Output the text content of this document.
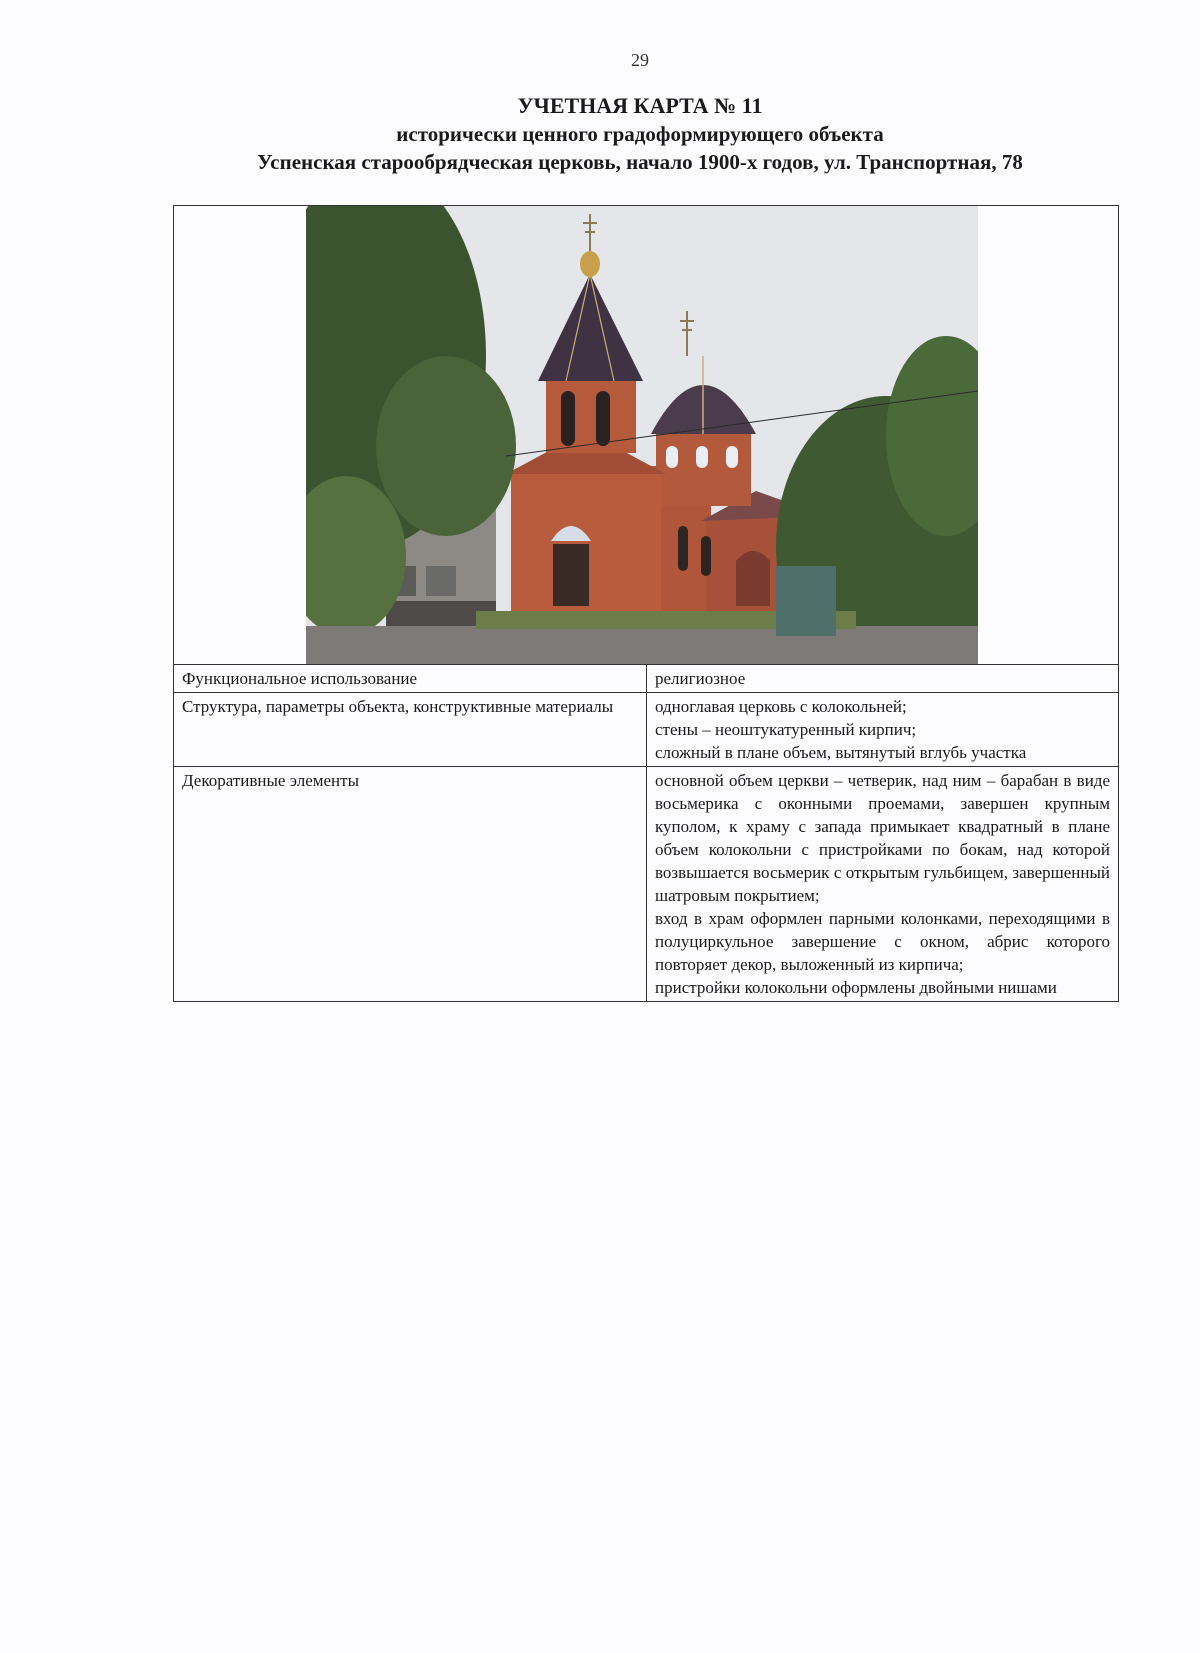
29
УЧЕТНАЯ КАРТА № 11
исторически ценного градоформирующего объекта
Успенская старообрядческая церковь, начало 1900-х годов, ул. Транспортная, 78
Функциональное использование	религиозное

Структура, параметры объекта, конструктивные материалы	одноглавая церковь с колокольней;
стены – неоштукатуренный кирпич;
сложный в плане объем, вытянутый вглубь участка

Декоративные элементы	основной объем церкви – четверик, над ним – барабан в виде восьмерика с оконными проемами, завершен крупным куполом, к храму с запада примыкает квадратный в плане объем колокольни с пристройками по бокам, над которой возвышается восьмерик с открытым гульбищем, завершенный шатровым покрытием;
вход в храм оформлен парными колонками, переходящими в полуциркульное завершение с окном, абрис которого повторяет декор, выложенный из кирпича;
пристройки колокольни оформлены двойными нишами
